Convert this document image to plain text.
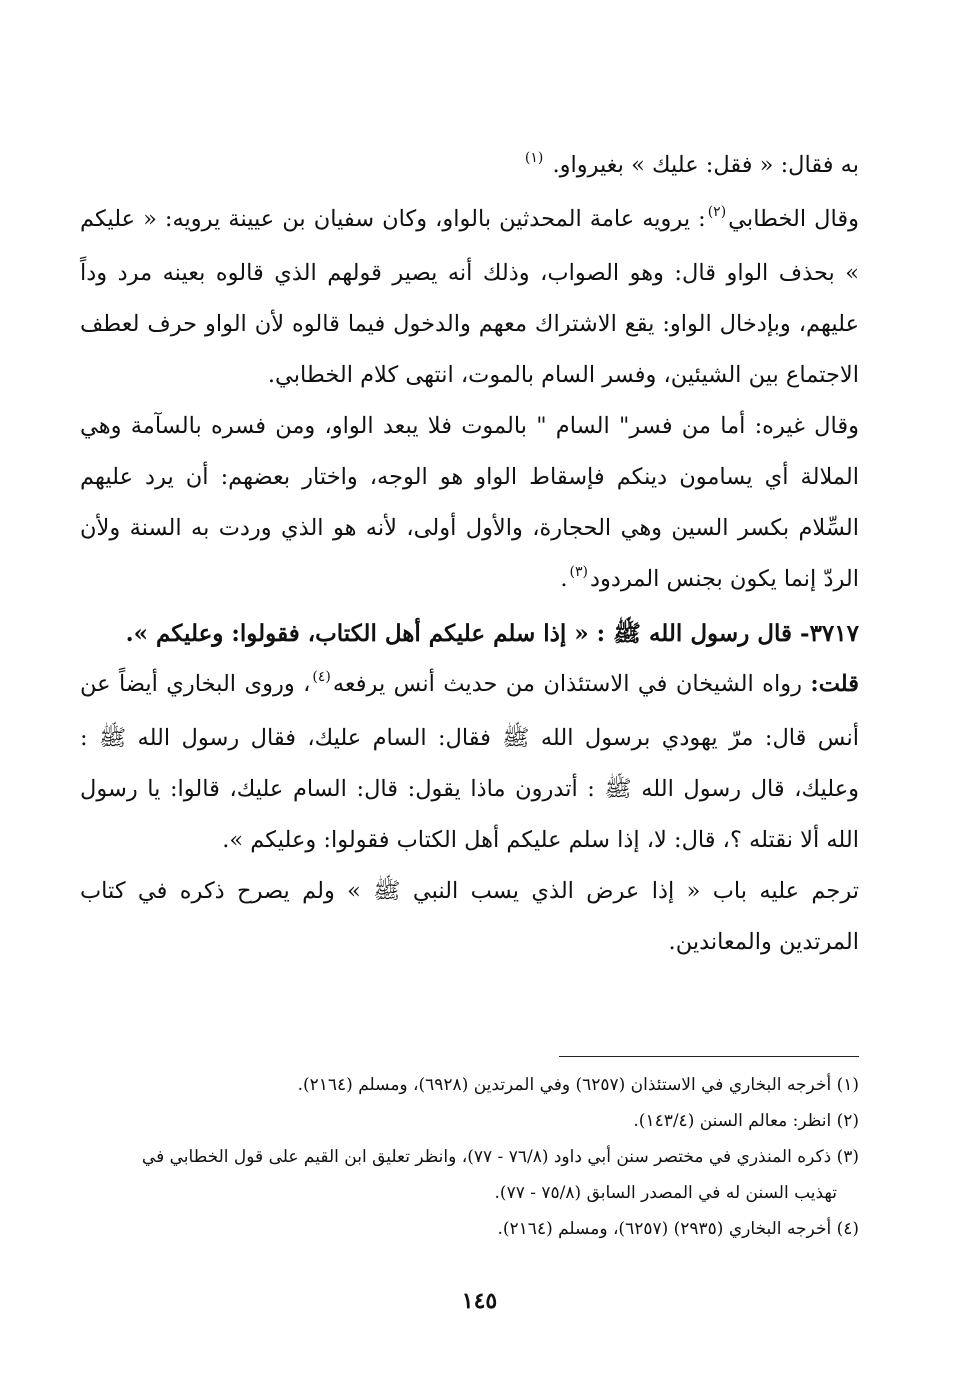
به فقال: « فقل: عليك » بغيرواو. $^{(١)}$

وقال الخطابي$^{(٢)}$: يرويه عامة المحدثين بالواو، وكان سفيان بن عيينة يرويه: « عليكم » بحذف الواو قال: وهو الصواب، وذلك أنه يصير قولهم الذي قالوه بعينه مرد وداً عليهم، وبإدخال الواو: يقع الاشتراك معهم والدخول فيما قالوه لأن الواو حرف لعطف الاجتماع بين الشيئين، وفسر السام بالموت، انتهى كلام الخطابي.

وقال غيره: أما من فسر" السام " بالموت فلا يبعد الواو، ومن فسره بالسآمة وهي الملالة أي يسامون دينكم فإسقاط الواو هو الوجه، واختار بعضهم: أن يرد عليهم السِّلام بكسر السين وهي الحجارة، والأول أولى، لأنه هو الذي وردت به السنة ولأن الردّ إنما يكون بجنس المردود$^{(٣)}$.

٣٧١٧- قال رسول الله ﷺ : « إذا سلم عليكم أهل الكتاب، فقولوا: وعليكم ».

قلت: رواه الشيخان في الاستئذان من حديث أنس يرفعه$^{(٤)}$، وروى البخاري أيضاً عن أنس قال: مرّ يهودي برسول الله ﷺ فقال: السام عليك، فقال رسول الله ﷺ : وعليك، قال رسول الله ﷺ : أتدرون ماذا يقول: قال: السام عليك، قالوا: يا رسول الله ألا نقتله ؟، قال: لا، إذا سلم عليكم أهل الكتاب فقولوا: وعليكم ».

ترجم عليه باب « إذا عرض الذي يسب النبي ﷺ » ولم يصرح ذكره في كتاب المرتدين والمعاندين.

(١) أخرجه البخاري في الاستئذان (٦٢٥٧) وفي المرتدين (٦٩٢٨)، ومسلم (٢١٦٤).

(٢) انظر: معالم السنن (١٤٣/٤).

(٣) ذكره المنذري في مختصر سنن أبي داود (٧٦/٨ - ٧٧)، وانظر تعليق ابن القيم على قول الخطابي في
تهذيب السنن له في المصدر السابق (٧٥/٨ - ٧٧).

(٤) أخرجه البخاري (٢٩٣٥) (٦٢٥٧)، ومسلم (٢١٦٤).

١٤٥
